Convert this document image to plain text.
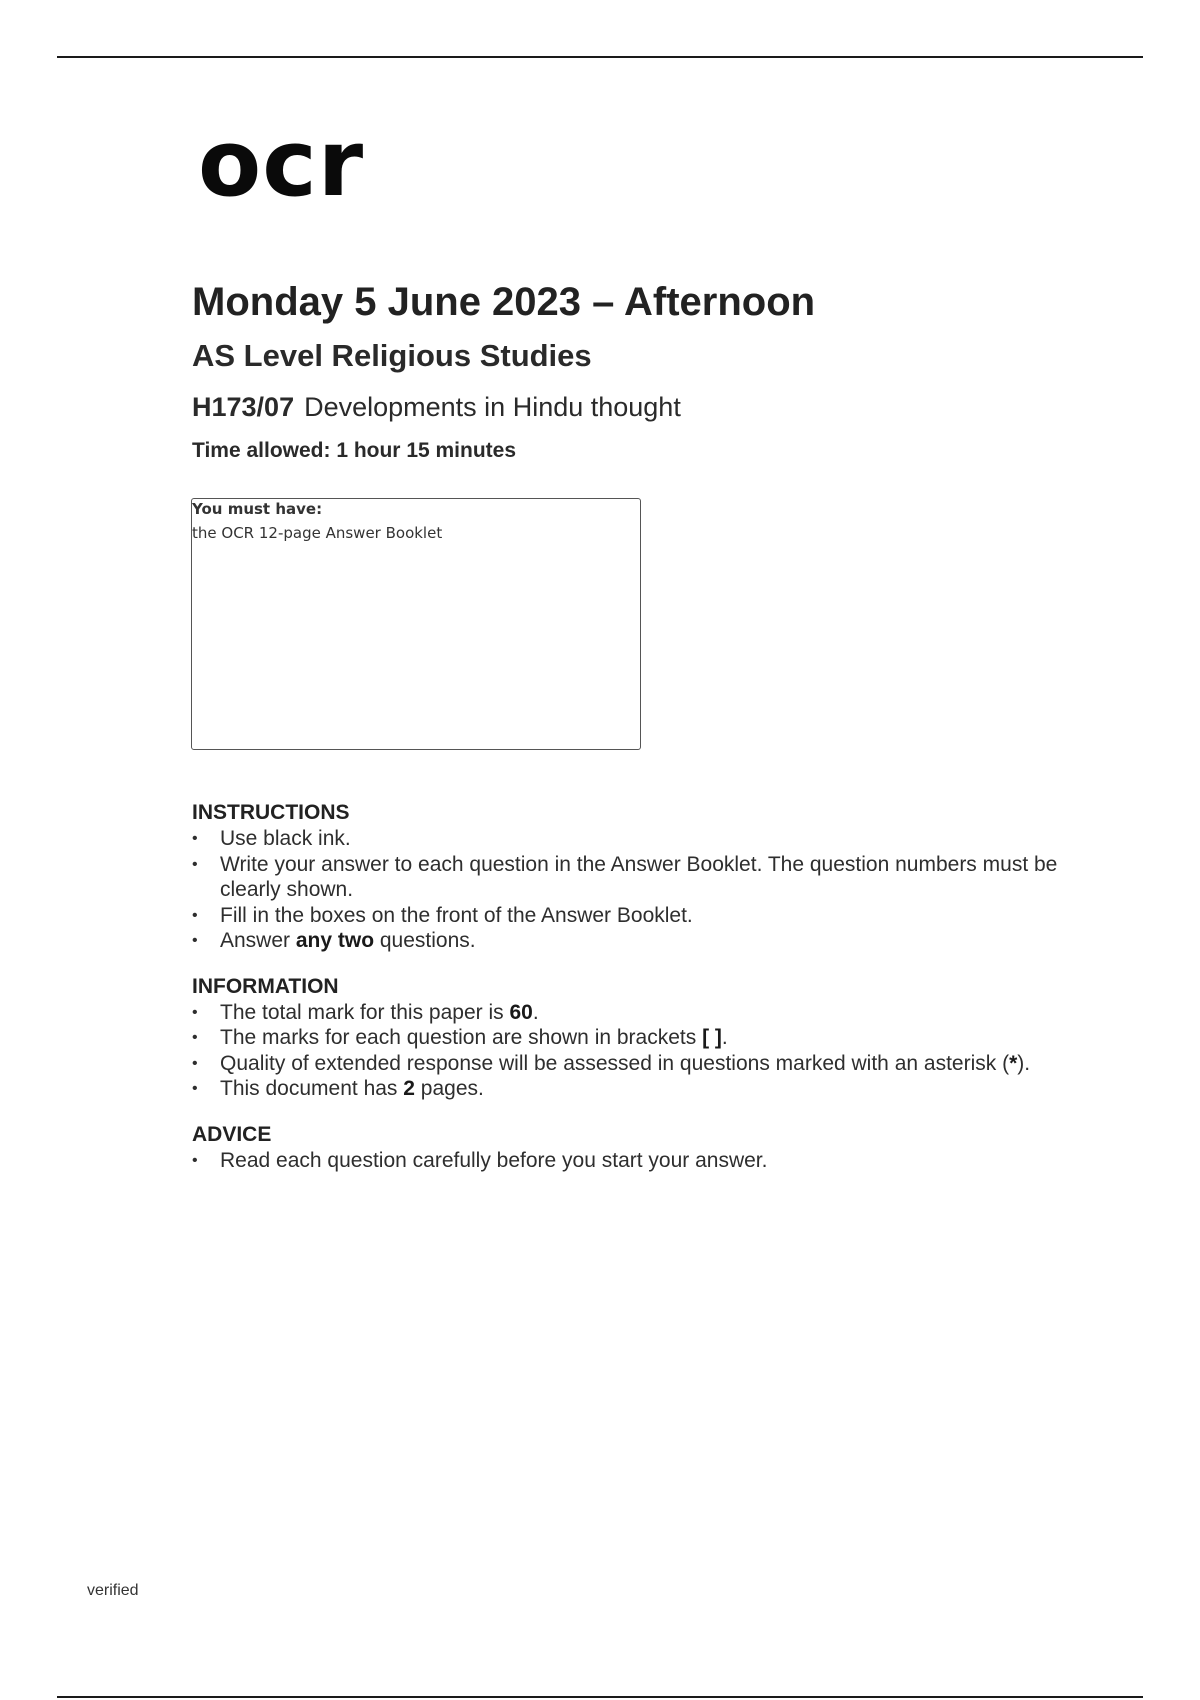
ocr
Monday 5 June 2023 – Afternoon
AS Level Religious Studies
H173/07 Developments in Hindu thought
Time allowed: 1 hour 15 minutes
You must have:
the OCR 12-page Answer Booklet
INSTRUCTIONS
• Use black ink.
• Write your answer to each question in the Answer Booklet. The question numbers must be clearly shown.
• Fill in the boxes on the front of the Answer Booklet.
• Answer any two questions.
INFORMATION
• The total mark for this paper is 60.
• The marks for each question are shown in brackets [ ].
• Quality of extended response will be assessed in questions marked with an asterisk (*).
• This document has 2 pages.
ADVICE
• Read each question carefully before you start your answer.
verified
